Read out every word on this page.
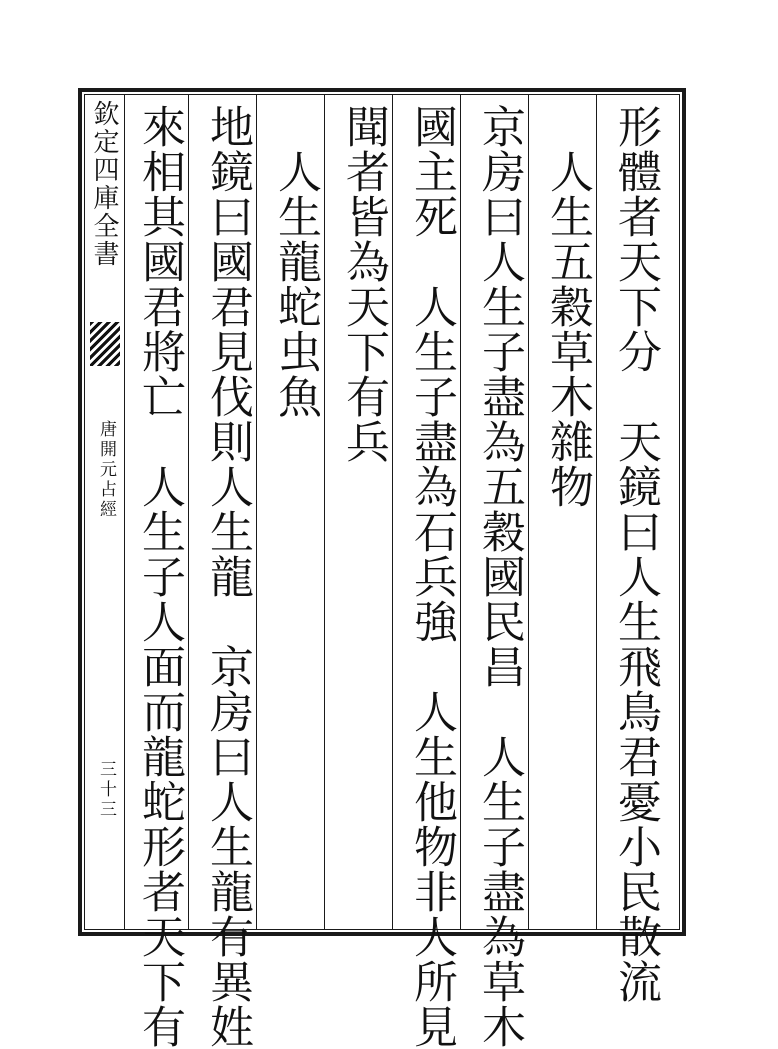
欽定四庫全書
唐開元占經
三十三	形體者天下分　天鏡曰人生飛鳥君憂小民散流
　人生五穀草木雜物
京房曰人生子盡為五穀國民昌　人生子盡為草木
國主死　人生子盡為石兵強　人生他物非人所見
聞者皆為天下有兵
　人生龍蛇虫魚
地鏡曰國君見伐則人生龍　京房曰人生龍有異姓
來相其國君將亡　人生子人面而龍蛇形者天下有
